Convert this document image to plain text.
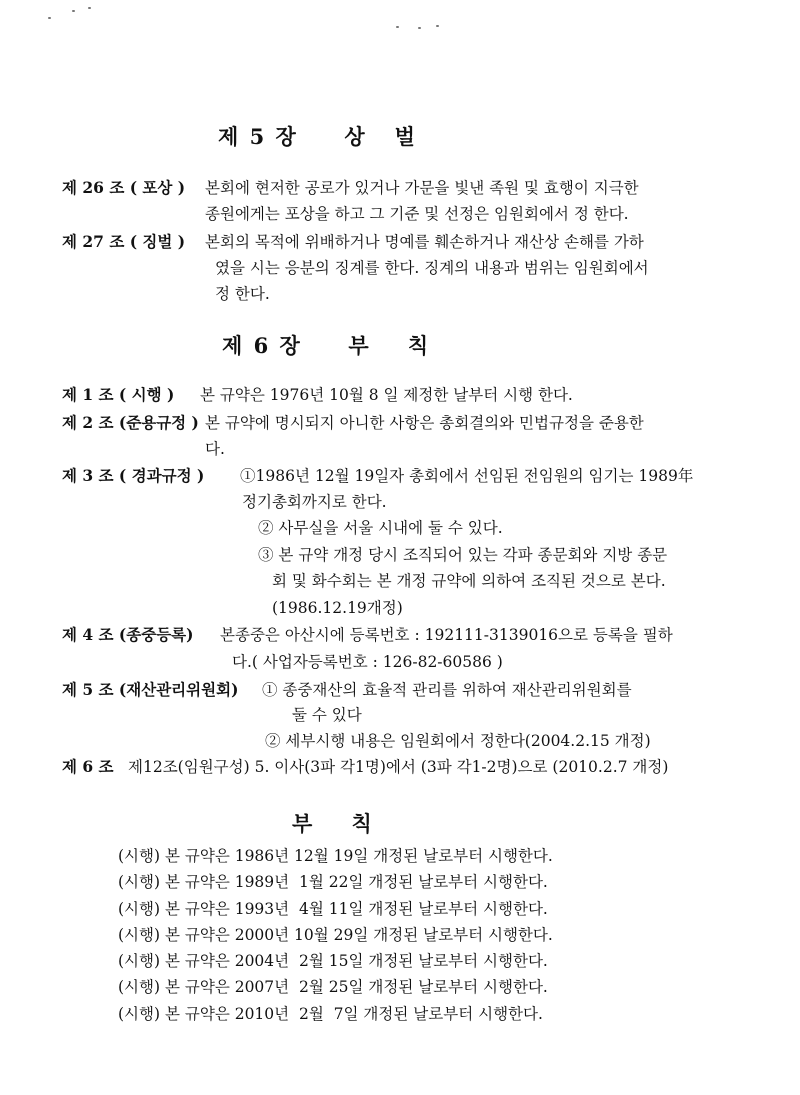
제 5 장     상   벌
제 26 조 ( 포상 ) 본회에 현저한 공로가 있거나 가문을 빛낸 족원 및 효행이 지극한
종원에게는 포상을 하고 그 기준 및 선정은 임원회에서 정 한다.
제 27 조 ( 징벌 ) 본회의 목적에 위배하거나 명예를 훼손하거나 재산상 손해를 가하
였을 시는 응분의 징계를 한다. 징계의 내용과 범위는 임원회에서
정 한다.
제 6 장     부    칙
제 1 조 ( 시행 ) 본 규약은 1976년 10월 8 일 제정한 날부터 시행 한다.
제 2 조 (준용규정 ) 본 규약에 명시되지 아니한 사항은 총회결의와 민법규정을 준용한
다.
제 3 조 ( 경과규정 ) ①1986년 12월 19일자 총회에서 선임된 전임원의 임기는 1989年
정기총회까지로 한다.
② 사무실을 서울 시내에 둘 수 있다.
③ 본 규약 개정 당시 조직되어 있는 각파 종문회와 지방 종문
회 및 화수회는 본 개정 규약에 의하여 조직된 것으로 본다.
(1986.12.19개정)
제 4 조 (종중등록) 본종중은 아산시에 등록번호 : 192111-3139016으로 등록을 필하
다.( 사업자등록번호 : 126-82-60586 )
제 5 조 (재산관리위원회) ① 종중재산의 효율적 관리를 위하여 재산관리위원회를
둘 수 있다
② 세부시행 내용은 임원회에서 정한다(2004.2.15 개정)
제 6 조 제12조(임원구성) 5. 이사(3파 각1명)에서 (3파 각1-2명)으로 (2010.2.7 개정)
부    칙
(시행) 본 규약은 1986년 12월 19일 개정된 날로부터 시행한다.
(시행) 본 규약은 1989년  1월 22일 개정된 날로부터 시행한다.
(시행) 본 규약은 1993년  4월 11일 개정된 날로부터 시행한다.
(시행) 본 규약은 2000년 10월 29일 개정된 날로부터 시행한다.
(시행) 본 규약은 2004년  2월 15일 개정된 날로부터 시행한다.
(시행) 본 규약은 2007년  2월 25일 개정된 날로부터 시행한다.
(시행) 본 규약은 2010년  2월  7일 개정된 날로부터 시행한다.
